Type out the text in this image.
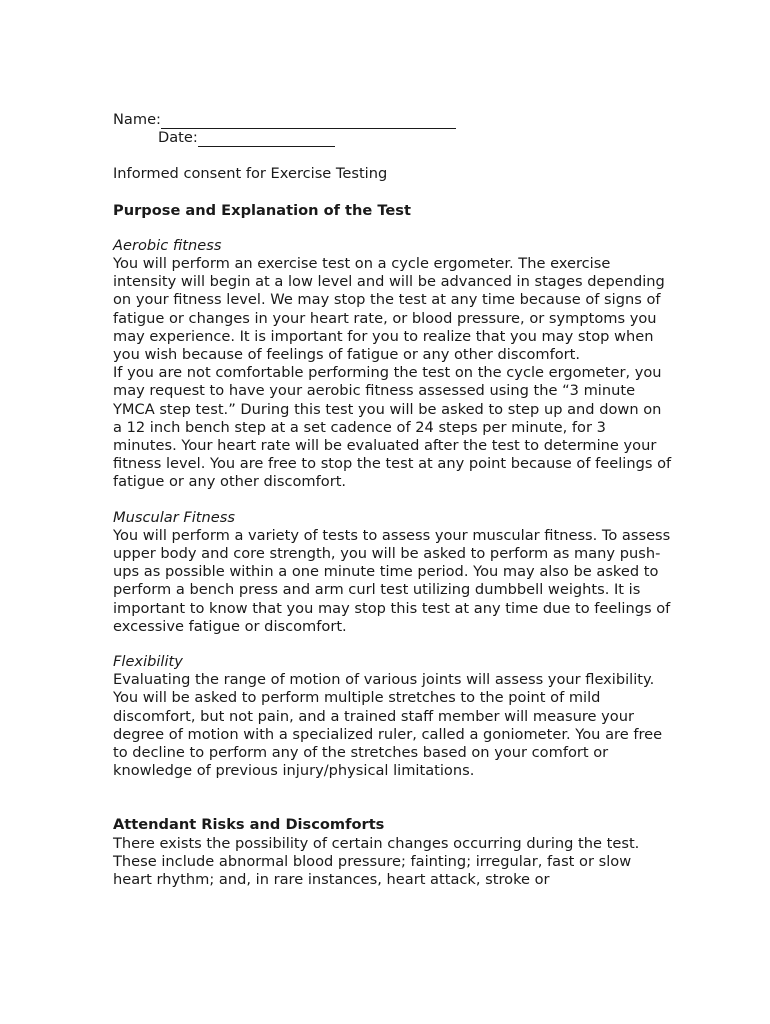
Name:
Date:

Informed consent for Exercise Testing

Purpose and Explanation of the Test

Aerobic fitness

You will perform an exercise test on a cycle ergometer. The exercise intensity will begin at a low level and will be advanced in stages depending on your fitness level. We may stop the test at any time because of signs of fatigue or changes in your heart rate, or blood pressure, or symptoms you may experience. It is important for you to realize that you may stop when you wish because of feelings of fatigue or any other discomfort.

If you are not comfortable performing the test on the cycle ergometer, you may request to have your aerobic fitness assessed using the “3 minute YMCA step test.” During this test you will be asked to step up and down on a 12 inch bench step at a set cadence of 24 steps per minute, for 3 minutes. Your heart rate will be evaluated after the test to determine your fitness level. You are free to stop the test at any point because of feelings of fatigue or any other discomfort.

Muscular Fitness

You will perform a variety of tests to assess your muscular fitness. To assess upper body and core strength, you will be asked to perform as many push-ups as possible within a one minute time period. You may also be asked to perform a bench press and arm curl test utilizing dumbbell weights. It is important to know that you may stop this test at any time due to feelings of excessive fatigue or discomfort.

Flexibility

Evaluating the range of motion of various joints will assess your flexibility. You will be asked to perform multiple stretches to the point of mild discomfort, but not pain, and a trained staff member will measure your degree of motion with a specialized ruler, called a goniometer. You are free to decline to perform any of the stretches based on your comfort or knowledge of previous injury/physical limitations.

Attendant Risks and Discomforts

There exists the possibility of certain changes occurring during the test. These include abnormal blood pressure; fainting; irregular, fast or slow heart rhythm; and, in rare instances, heart attack, stroke or
